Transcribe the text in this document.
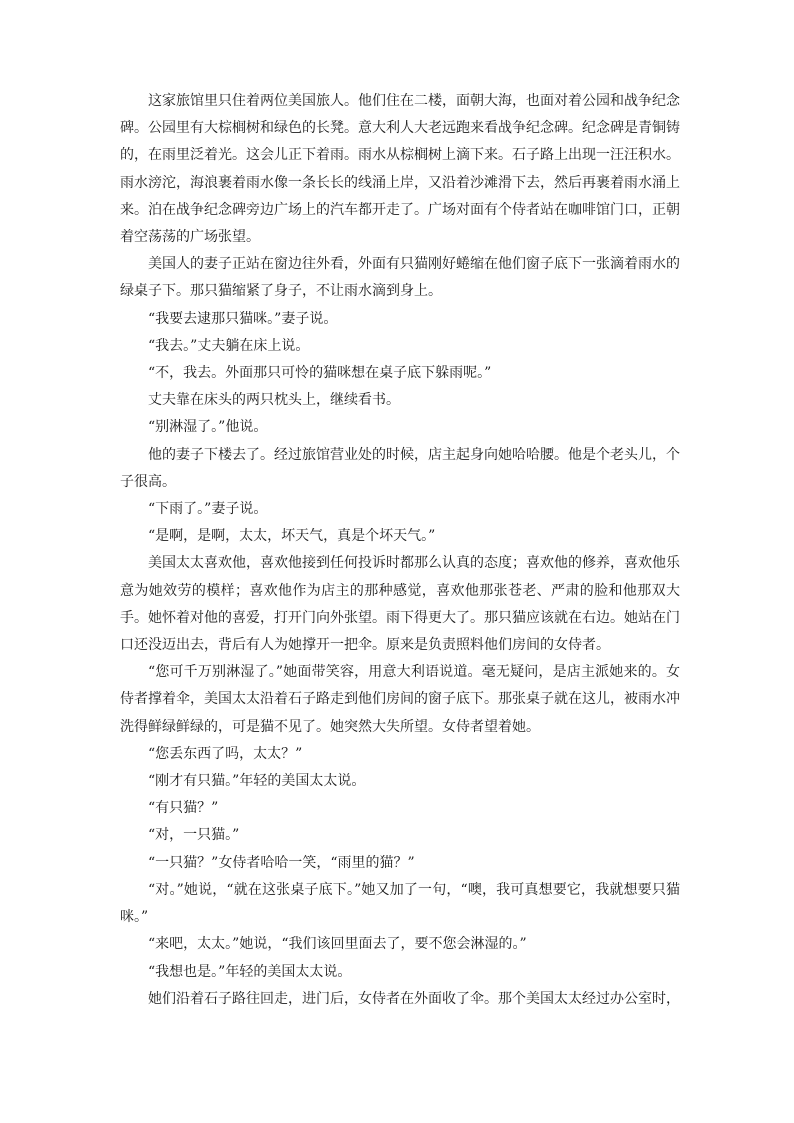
这家旅馆里只住着两位美国旅人。他们住在二楼，面朝大海，也面对着公园和战争纪念碑。公园里有大棕榈树和绿色的长凳。意大利人大老远跑来看战争纪念碑。纪念碑是青铜铸的，在雨里泛着光。这会儿正下着雨。雨水从棕榈树上滴下来。石子路上出现一汪汪积水。雨水滂沱，海浪裹着雨水像一条长长的线涌上岸，又沿着沙滩滑下去，然后再裹着雨水涌上来。泊在战争纪念碑旁边广场上的汽车都开走了。广场对面有个侍者站在咖啡馆门口，正朝着空荡荡的广场张望。

美国人的妻子正站在窗边往外看，外面有只猫刚好蜷缩在他们窗子底下一张滴着雨水的绿桌子下。那只猫缩紧了身子，不让雨水滴到身上。

“我要去逮那只猫咪。”妻子说。

“我去。”丈夫躺在床上说。

“不，我去。外面那只可怜的猫咪想在桌子底下躲雨呢。”

丈夫靠在床头的两只枕头上，继续看书。

“别淋湿了。”他说。

他的妻子下楼去了。经过旅馆营业处的时候，店主起身向她哈哈腰。他是个老头儿，个子很高。

“下雨了。”妻子说。

“是啊，是啊，太太，坏天气，真是个坏天气。”

美国太太喜欢他，喜欢他接到任何投诉时都那么认真的态度；喜欢他的修养，喜欢他乐意为她效劳的模样；喜欢他作为店主的那种感觉，喜欢他那张苍老、严肃的脸和他那双大手。她怀着对他的喜爱，打开门向外张望。雨下得更大了。那只猫应该就在右边。她站在门口还没迈出去，背后有人为她撑开一把伞。原来是负责照料他们房间的女侍者。

“您可千万别淋湿了。”她面带笑容，用意大利语说道。毫无疑问，是店主派她来的。女侍者撑着伞，美国太太沿着石子路走到他们房间的窗子底下。那张桌子就在这儿，被雨水冲洗得鲜绿鲜绿的，可是猫不见了。她突然大失所望。女侍者望着她。

“您丢东西了吗，太太？”

“刚才有只猫。”年轻的美国太太说。

“有只猫？”

“对，一只猫。”

“一只猫？”女侍者哈哈一笑，“雨里的猫？”

“对。”她说，“就在这张桌子底下。”她又加了一句，“噢，我可真想要它，我就想要只猫咪。”

“来吧，太太。”她说，“我们该回里面去了，要不您会淋湿的。”

“我想也是。”年轻的美国太太说。

她们沿着石子路往回走，进门后，女侍者在外面收了伞。那个美国太太经过办公室时，
